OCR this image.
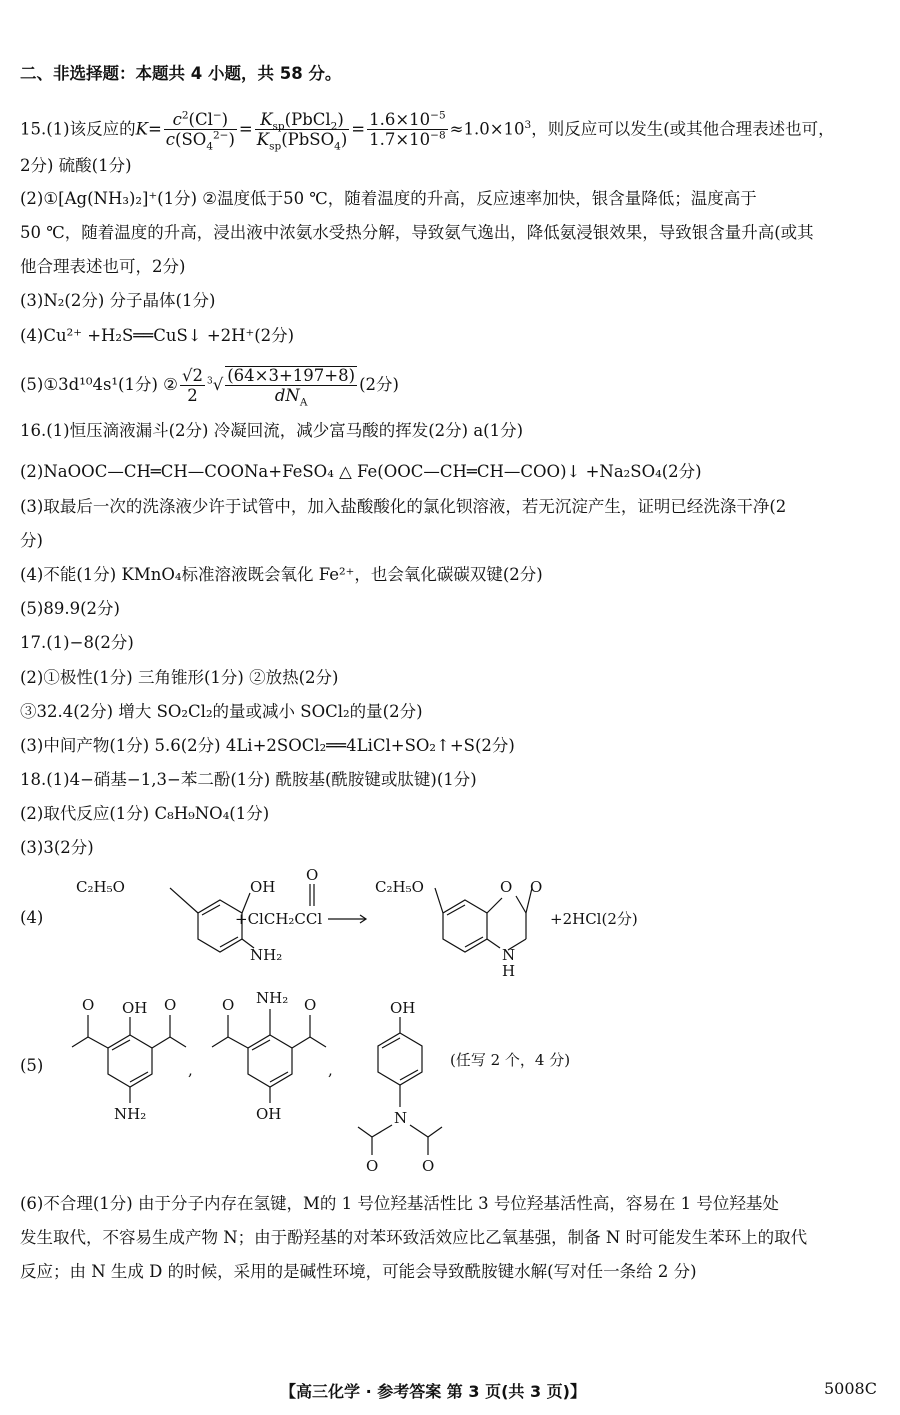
二、非选择题：本题共 4 小题，共 58 分。
15.(1)该反应的$K= \frac{c^2(Cl^-)}{c(SO_4^{2-})} = \frac{K_{sp}(PbCl_2)}{K_{sp}(PbSO_4)} = \frac{1.6\times 10^{-5}}{1.7\times 10^{-8}} \approx 1.0\times 10^3$，则反应可以发生(或其他合理表述也可，
2分) 硫酸(1分)
(2)①[Ag(NH₃)₂]⁺(1分) ②温度低于50 ℃，随着温度的升高，反应速率加快，银含量降低；温度高于
50 ℃，随着温度的升高，浸出液中浓氨水受热分解，导致氨气逸出，降低氨浸银效果，导致银含量升高(或其
他合理表述也可，2分)
(3)N₂(2分) 分子晶体(1分)
(4)Cu²⁺ +H₂S══CuS↓ +2H⁺(2分)
(5)①3d¹⁰4s¹(1分) ② $\frac{√2}{2} ^3√ \frac{(64\times 3+197+8)}{dN_A} (2$分)
16.(1)恒压滴液漏斗(2分) 冷凝回流，减少富马酸的挥发(2分) a(1分)
(2)NaOOC—CH═CH—COONa+FeSO₄ △ Fe(OOC—CH═CH—COO)↓ +Na₂SO₄(2分)
(3)取最后一次的洗涤液少许于试管中，加入盐酸酸化的氯化钡溶液，若无沉淀产生，证明已经洗涤干净(2
分)
(4)不能(1分) KMnO₄标准溶液既会氧化 Fe²⁺，也会氧化碳碳双键(2分)
(5)89.9(2分)
17.(1)−8(2分)
(2)①极性(1分) 三角锥形(1分) ②放热(2分)
③32.4(2分) 增大 SO₂Cl₂的量或减小 SOCl₂的量(2分)
(3)中间产物(1分) 5.6(2分) 4Li+2SOCl₂══4LiCl+SO₂↑+S(2分)
18.(1)4−硝基−1,3−苯二酚(1分) 酰胺基(酰胺键或肽键)(1分)
(2)取代反应(1分) C₈H₉NO₄(1分)
(3)3(2分)
(4)
C₂H₅O	OH
NH₂
+ClCH₂CCl
O
C₂H₅O	O O
N
H
+2HCl(2分)
(5)
OH
O	O
NH₂
,
NH₂
O	O
OH
,
OH
N
O	O
(任写 2 个，4 分)
(6)不合理(1分) 由于分子内存在氢键，M的 1 号位羟基活性比 3 号位羟基活性高，容易在 1 号位羟基处
发生取代，不容易生成产物 N；由于酚羟基的对苯环致活效应比乙氧基强，制备 N 时可能发生苯环上的取代
反应；由 N 生成 D 的时候，采用的是碱性环境，可能会导致酰胺键水解(写对任一条给 2 分)
【高三化学 · 参考答案 第 3 页(共 3 页)】	5008C
